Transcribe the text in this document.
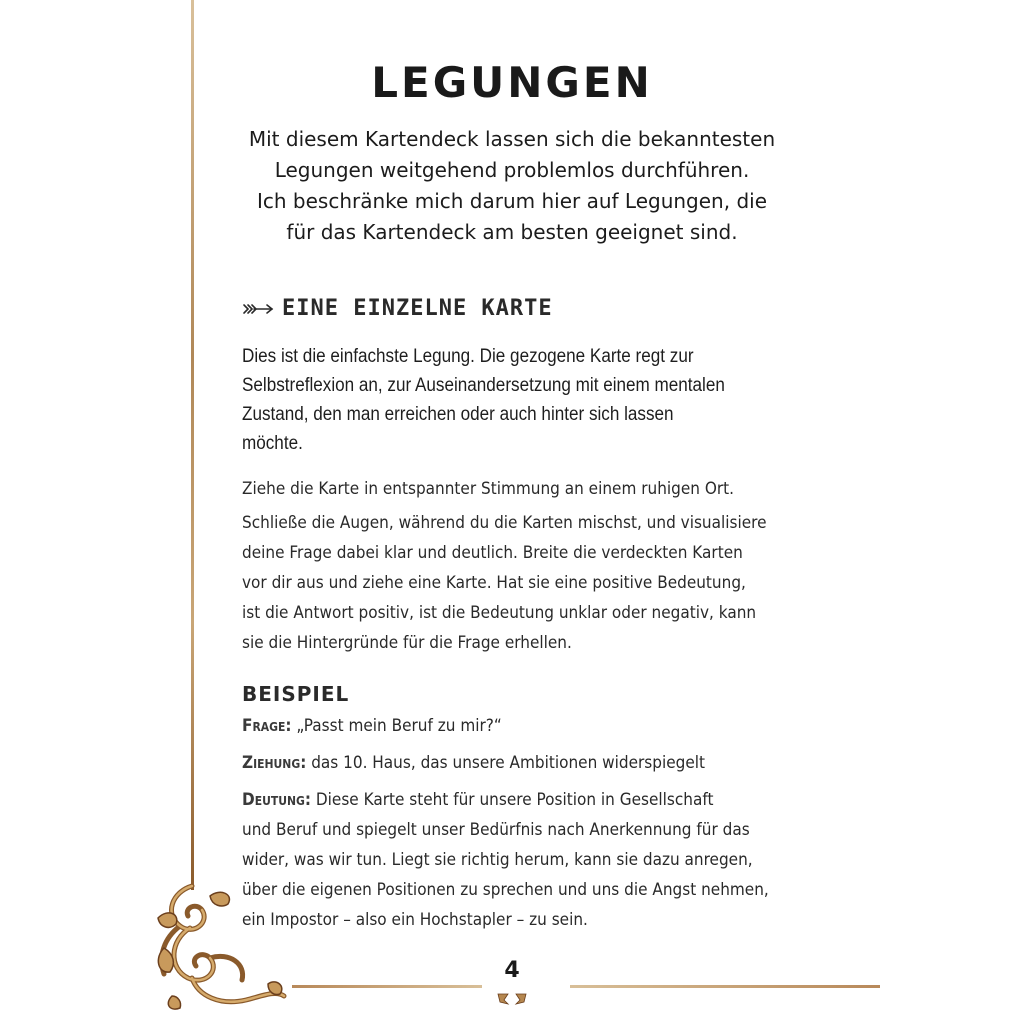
LEGUNGEN
Mit diesem Kartendeck lassen sich die bekanntesten
Legungen weitgehend problemlos durchführen.
Ich beschränke mich darum hier auf Legungen, die
für das Kartendeck am besten geeignet sind.
EINE EINZELNE KARTE
Dies ist die einfachste Legung. Die gezogene Karte regt zur
Selbstreflexion an, zur Auseinandersetzung mit einem mentalen
Zustand, den man erreichen oder auch hinter sich lassen
möchte.
Ziehe die Karte in entspannter Stimmung an einem ruhigen Ort.
Schließe die Augen, während du die Karten mischst, und visualisiere
deine Frage dabei klar und deutlich. Breite die verdeckten Karten
vor dir aus und ziehe eine Karte. Hat sie eine positive Bedeutung,
ist die Antwort positiv, ist die Bedeutung unklar oder negativ, kann
sie die Hintergründe für die Frage erhellen.
BEISPIEL
Frage: „Passt mein Beruf zu mir?“
Ziehung: das 10. Haus, das unsere Ambitionen widerspiegelt
Deutung: Diese Karte steht für unsere Position in Gesellschaft
und Beruf und spiegelt unser Bedürfnis nach Anerkennung für das
wider, was wir tun. Liegt sie richtig herum, kann sie dazu anregen,
über die eigenen Positionen zu sprechen und uns die Angst nehmen,
ein Impostor – also ein Hochstapler – zu sein.
4
